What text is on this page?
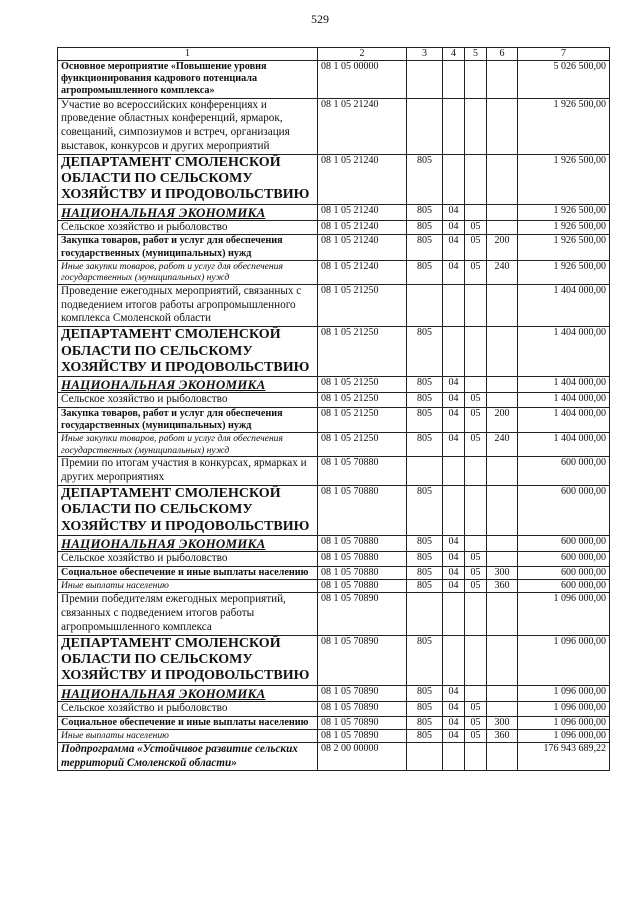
529
1	2	3	4	5	6	7
Основное мероприятие «Повышение уровня функционирования кадрового потенциала агропромышленного комплекса»	08 1 05 00000					5 026 500,00
Участие во всероссийских конференциях и проведение областных конференций, ярмарок, совещаний, симпозиумов и встреч, организация выставок, конкурсов и других мероприятий	08 1 05 21240					1 926 500,00
ДЕПАРТАМЕНТ СМОЛЕНСКОЙ ОБЛАСТИ ПО СЕЛЬСКОМУ ХОЗЯЙСТВУ И ПРОДОВОЛЬСТВИЮ	08 1 05 21240	805				1 926 500,00
НАЦИОНАЛЬНАЯ ЭКОНОМИКА	08 1 05 21240	805	04			1 926 500,00
Сельское хозяйство и рыболовство	08 1 05 21240	805	04	05		1 926 500,00
Закупка товаров, работ и услуг для обеспечения государственных (муниципальных) нужд	08 1 05 21240	805	04	05	200	1 926 500,00
Иные закупки товаров, работ и услуг для обеспечения государственных (муниципальных) нужд	08 1 05 21240	805	04	05	240	1 926 500,00
Проведение ежегодных мероприятий, связанных с подведением итогов работы агропромышленного комплекса Смоленской области	08 1 05 21250					1 404 000,00
ДЕПАРТАМЕНТ СМОЛЕНСКОЙ ОБЛАСТИ ПО СЕЛЬСКОМУ ХОЗЯЙСТВУ И ПРОДОВОЛЬСТВИЮ	08 1 05 21250	805				1 404 000,00
НАЦИОНАЛЬНАЯ ЭКОНОМИКА	08 1 05 21250	805	04			1 404 000,00
Сельское хозяйство и рыболовство	08 1 05 21250	805	04	05		1 404 000,00
Закупка товаров, работ и услуг для обеспечения государственных (муниципальных) нужд	08 1 05 21250	805	04	05	200	1 404 000,00
Иные закупки товаров, работ и услуг для обеспечения государственных (муниципальных) нужд	08 1 05 21250	805	04	05	240	1 404 000,00
Премии по итогам участия в конкурсах, ярмарках и других мероприятиях	08 1 05 70880					600 000,00
ДЕПАРТАМЕНТ СМОЛЕНСКОЙ ОБЛАСТИ ПО СЕЛЬСКОМУ ХОЗЯЙСТВУ И ПРОДОВОЛЬСТВИЮ	08 1 05 70880	805				600 000,00
НАЦИОНАЛЬНАЯ ЭКОНОМИКА	08 1 05 70880	805	04			600 000,00
Сельское хозяйство и рыболовство	08 1 05 70880	805	04	05		600 000,00
Социальное обеспечение и иные выплаты населению	08 1 05 70880	805	04	05	300	600 000,00
Иные выплаты населению	08 1 05 70880	805	04	05	360	600 000,00
Премии победителям ежегодных мероприятий, связанных с подведением итогов работы агропромышленного комплекса	08 1 05 70890					1 096 000,00
ДЕПАРТАМЕНТ СМОЛЕНСКОЙ ОБЛАСТИ ПО СЕЛЬСКОМУ ХОЗЯЙСТВУ И ПРОДОВОЛЬСТВИЮ	08 1 05 70890	805				1 096 000,00
НАЦИОНАЛЬНАЯ ЭКОНОМИКА	08 1 05 70890	805	04			1 096 000,00
Сельское хозяйство и рыболовство	08 1 05 70890	805	04	05		1 096 000,00
Социальное обеспечение и иные выплаты населению	08 1 05 70890	805	04	05	300	1 096 000,00
Иные выплаты населению	08 1 05 70890	805	04	05	360	1 096 000,00
Подпрограмма «Устойчивое развитие сельских территорий Смоленской области»	08 2 00 00000					176 943 689,22
